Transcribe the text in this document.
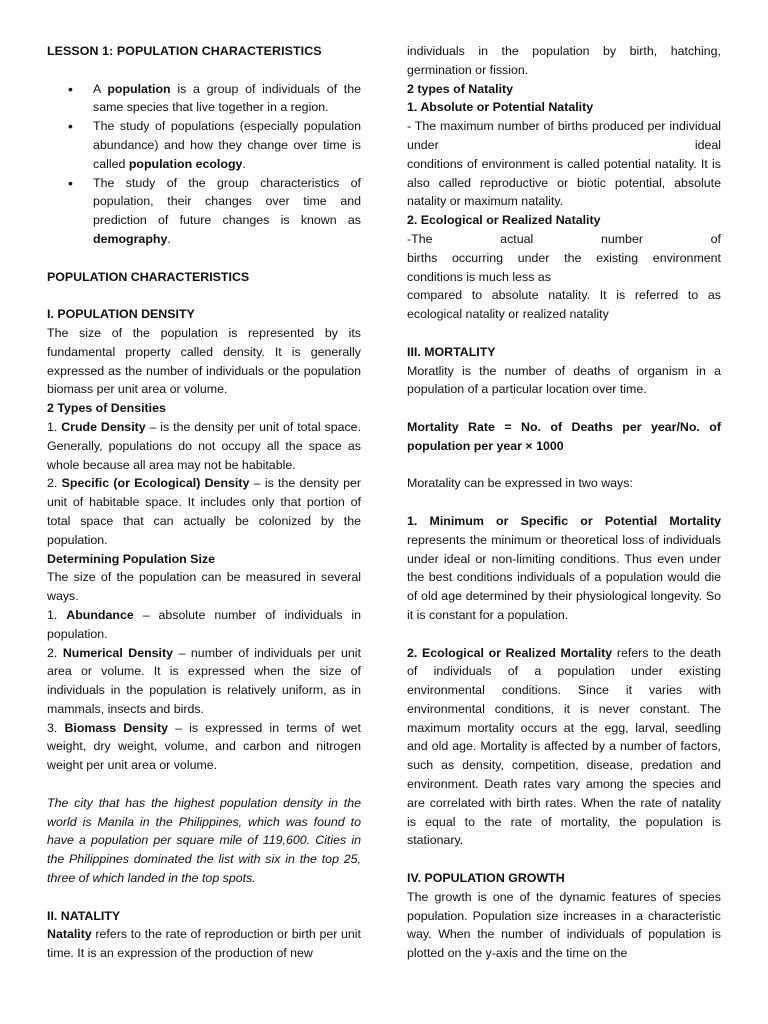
LESSON 1: POPULATION CHARACTERISTICS

• A population is a group of individuals of the same species that live together in a region.
• The study of populations (especially population abundance) and how they change over time is called population ecology.
• The study of the group characteristics of population, their changes over time and prediction of future changes is known as demography.

POPULATION CHARACTERISTICS

I. POPULATION DENSITY

The size of the population is represented by its fundamental property called density. It is generally expressed as the number of individuals or the population biomass per unit area or volume.

2 Types of Densities

1. Crude Density – is the density per unit of total space. Generally, populations do not occupy all the space as whole because all area may not be habitable.

2. Specific (or Ecological) Density – is the density per unit of habitable space. It includes only that portion of total space that can actually be colonized by the population.

Determining Population Size

The size of the population can be measured in several ways.

1. Abundance – absolute number of individuals in population.

2. Numerical Density – number of individuals per unit area or volume. It is expressed when the size of individuals in the population is relatively uniform, as in mammals, insects and birds.

3. Biomass Density – is expressed in terms of wet weight, dry weight, volume, and carbon and nitrogen weight per unit area or volume.

The city that has the highest population density in the world is Manila in the Philippines, which was found to have a population per square mile of 119,600. Cities in the Philippines dominated the list with six in the top 25, three of which landed in the top spots.

II. NATALITY

Natality refers to the rate of reproduction or birth per unit time. It is an expression of the production of new

individuals in the population by birth, hatching, germination or fission.

2 types of Natality

1. Absolute or Potential Natality

- The maximum number of births produced per individual under ideal

conditions of environment is called potential natality. It is also called reproductive or biotic potential, absolute natality or maximum natality.

2. Ecological or Realized Natality

-The actual number of

births occurring under the existing environment conditions is much less as

compared to absolute natality. It is referred to as ecological natality or realized natality

III. MORTALITY

Moratlity is the number of deaths of organism in a population of a particular location over time.

Mortality Rate = No. of Deaths per year/No. of population per year × 1000

Moratality can be expressed in two ways:

1. Minimum or Specific or Potential Mortality represents the minimum or theoretical loss of individuals under ideal or non-limiting conditions. Thus even under the best conditions individuals of a population would die of old age determined by their physiological longevity. So it is constant for a population.

2. Ecological or Realized Mortality refers to the death of individuals of a population under existing environmental conditions. Since it varies with environmental conditions, it is never constant. The maximum mortality occurs at the egg, larval, seedling and old age. Mortality is affected by a number of factors, such as density, competition, disease, predation and environment. Death rates vary among the species and are correlated with birth rates. When the rate of natality is equal to the rate of mortality, the population is stationary.

IV. POPULATION GROWTH

The growth is one of the dynamic features of species population. Population size increases in a characteristic way. When the number of individuals of population is plotted on the y-axis and the time on the
